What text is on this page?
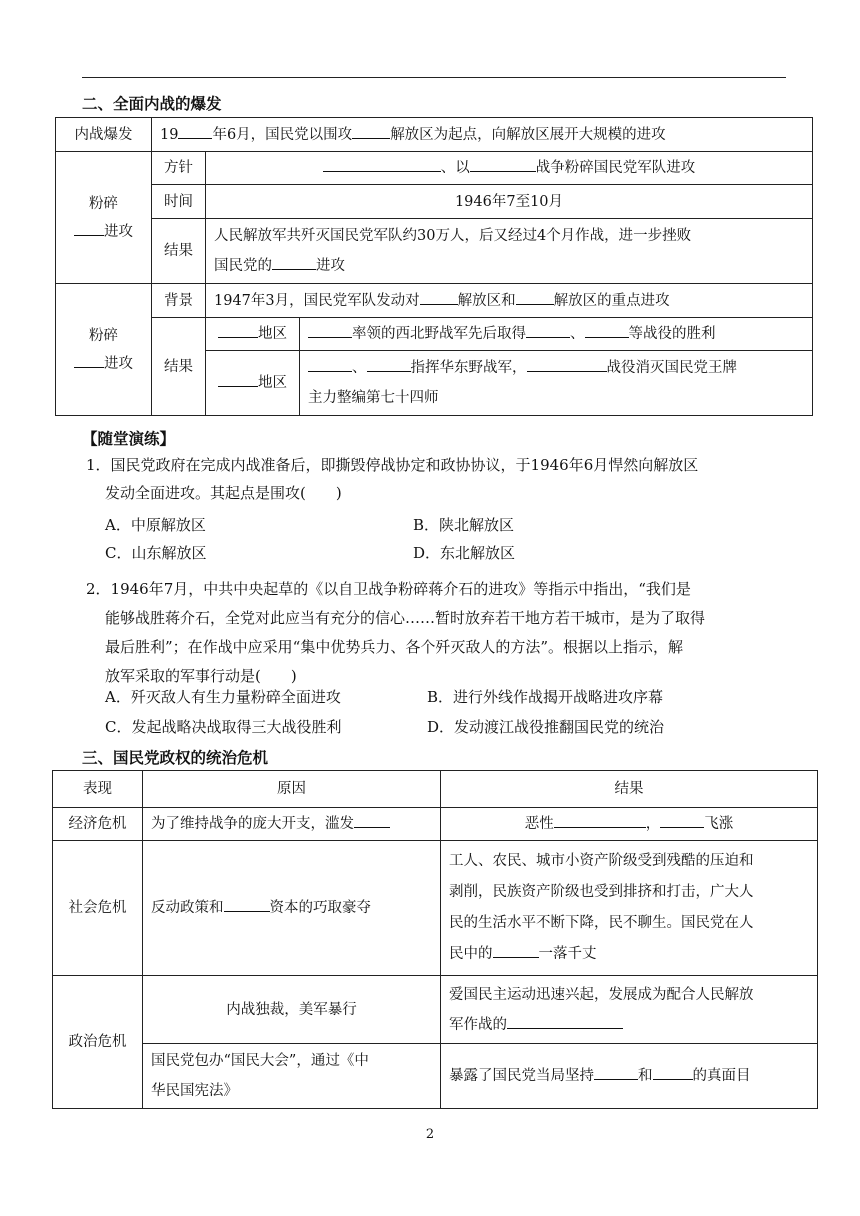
二、全面内战的爆发
内战爆发	19 年6月，国民党以围攻 解放区为起点，向解放区展开大规模的进攻		

粉碎
进攻	方针	、以 战争粉碎国民党军队进攻	
	时间	1946年7至10月	
	结果	人民解放军共歼灭国民党军队约30万人，后又经过4个月作战，进一步挫败
国民党的 进攻	

粉碎
进攻	背景	1947年3月，国民党军队发动对 解放区和 解放区的重点进攻	
	结果	地区	率领的西北野战军先后取得 、 等战役的胜利
		地区	、 指挥华东野战军， 战役消灭国民党王牌
主力整编第七十四师
【随堂演练】
1．国民党政府在完成内战准备后，即撕毁停战协定和政协协议，于1946年6月悍然向解放区
发动全面进攻。其起点是围攻(　　)
A．中原解放区	B．陕北解放区
C．山东解放区	D．东北解放区
2．1946年7月，中共中央起草的《以自卫战争粉碎蒋介石的进攻》等指示中指出，“我们是
能够战胜蒋介石，全党对此应当有充分的信心……暂时放弃若干地方若干城市，是为了取得
最后胜利”；在作战中应采用“集中优势兵力、各个歼灭敌人的方法”。根据以上指示，解
放军采取的军事行动是(　　)
A．歼灭敌人有生力量粉碎全面进攻	B．进行外线作战揭开战略进攻序幕
C．发起战略决战取得三大战役胜利	D．发动渡江战役推翻国民党的统治
三、国民党政权的统治危机
表现	原因	结果
经济危机	为了维持战争的庞大开支，滥发	恶性 ， 飞涨
社会危机	反动政策和 资本的巧取豪夺	工人、农民、城市小资产阶级受到残酷的压迫和
剥削，民族资产阶级也受到排挤和打击，广大人
民的生活水平不断下降，民不聊生。国民党在人
民中的 一落千丈

政治危机	内战独裁，美军暴行	爱国民主运动迅速兴起，发展成为配合人民解放
军作战的

	国民党包办“国民大会”，通过《中
华民国宪法》	暴露了国民党当局坚持 和 的真面目
2
